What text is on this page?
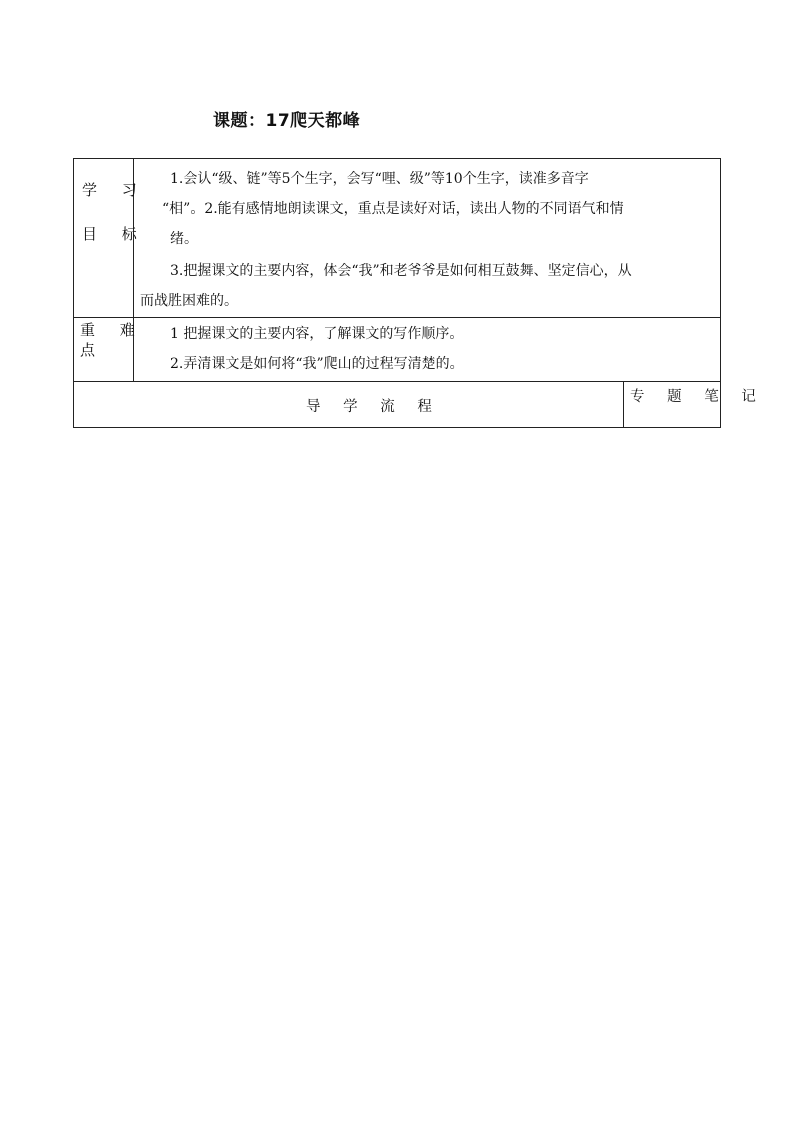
课题：17爬天都峰
学 习
目 标
1.会认“级、链”等5个生字，会写“哩、级”等10个生字，读准多音字
“相”。2.能有感情地朗读课文，重点是读好对话，读出人物的不同语气和情
绪。
3.把握课文的主要内容，体会“我”和老爷爷是如何相互鼓舞、坚定信心，从
而战胜困难的。
重 难
点
1 把握课文的主要内容，了解课文的写作顺序。
2.弄清课文是如何将“我”爬山的过程写清楚的。
导 学 流 程
专 题 笔 记
